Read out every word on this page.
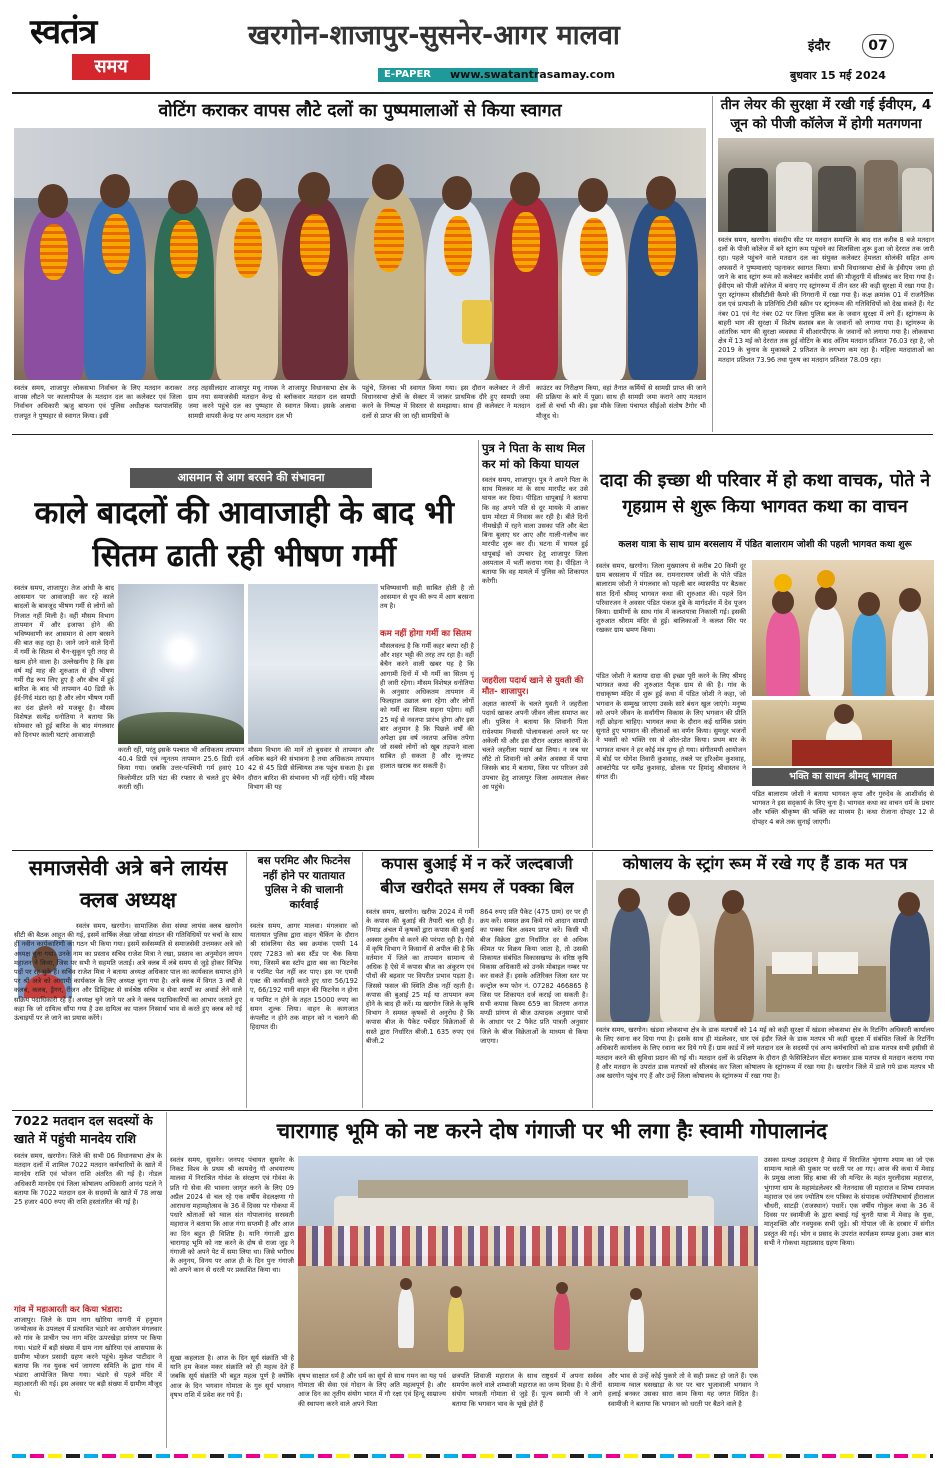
स्वतंत्र
समय
खरगोन-शाजापुर-सुसनेर-आगर मालवा
E-PAPER www.swatantrasamay.com
इंदौर	07
बुधवार 15 मई 2024
वोटिंग कराकर वापस लौटे दलों का पुष्पमालाओं से किया स्वागत
स्वतंत्र समय, शाजापुर लोकसभा निर्वाचन के लिए मतदान कराकर वापस लौटने पर कालापीपल के मतदान दल का कलेक्टर एवं जिला निर्वाचन अधिकारी ऋजु बाफना एवं पुलिस अधीक्षक यशपालसिंह राजपूत ने पुष्पहार से स्वागत किया। इसी
तरह तहसीलदार शाजापुर मधु नायक ने शाजापुर विधानसभा क्षेत्र के ग्राम नया समाजसेवी मतदान केन्द्र से ब्लॉकवार मतदान दल सामग्री जमा करने पहुंचे दल का पुष्पहार से स्वागत किया। इसके अलावा सामग्री वापसी केन्द्र पर अन्य मतदान दल भी
पहुंचे, जिनका भी स्वागत किया गया। इस दौरान कलेक्टर ने तीनों विधानसभा क्षेत्रों के सेक्टर में जाकर प्राथमिक दौरे हुए सामग्री जमा करने के निष्पक्ष में विस्तार से समझाया। साथ ही कलेक्टर ने मतदान दलों से प्राप्त की जा रही सामग्रियों के
काउंटर का निरीक्षण किया, वहां तैनात कर्मियों से सामग्री प्राप्त की जाने की प्रक्रिया के बारे में पूछा। साथ ही सामग्री जमा कराने आए मतदान दलों से चर्चा भी की। इस मौके जिला पंचायत सीईओ संतोष टैगोर भी मौजूद थे।
तीन लेयर की सुरक्षा में रखी गई ईवीएम, 4 जून को पीजी कॉलेज में होगी मतगणना
स्वतंत्र समय, खरगोन। संसदीय सीट पर मतदान समाप्ति के बाद रात करीब 8 बजे मतदान दलों के पीजी कॉलेज में बने स्ट्रांग रूम पहुंचने का सिलसिला शुरू हुआ जो देररात तक जारी रहा। पहले पहुंचने वाले मतदान दल का संयुक्त कलेक्टर हेमलता सोलंकी सहित अन्य अफसरों ने पुष्पमालाएं पहनाकर स्वागत किया। सभी विधानसभा क्षेत्रों के ईवीएम जमा हो जाने के बाद स्ट्रांग रूम को कलेक्टर कर्मवीर शर्मा की मौजूदगी में सीलबंद कर दिया गया है। ईवीएम को पीजी कॉलेज में बनाए गए स्ट्रांगरूम में तीन स्तर की कड़ी सुरक्षा में रखा गया है। पूरा स्ट्रांगरूम सीसीटीवी कैमरे की निगरानी में रखा गया है। कक्ष क्रमांक 01 में राजनैतिक दल एवं प्रत्याशी के प्रतिनिधि टीवी स्क्रीन पर स्ट्रांगरूम की गतिविधियों को देख सकते हैं। गेट नंबर 01 एवं गेट नंबर 02 पर जिला पुलिस बल के जवान सुरक्षा में लगे हैं। स्ट्रांगरूम के बाहरी भाग की सुरक्षा में विशेष सशस्त्र बल के जवानों को लगाया गया है। स्ट्रांगरूम के आंतरिक भाग की सुरक्षा व्यवस्था में सीआरपीएफ के जवानों को लगाया गया है। लोकसभा क्षेत्र में 13 मई को देररात तक हुई वोटिंग के बाद अंतिम मतदान प्रतिशत 76.03 रहा है, जो 2019 के चुनाव के मुकाबले 2 प्रतिशत के लगभग कम रहा है। महिला मतदाताओं का मतदान प्रतिशत 73.96 तथा पुरुष का मतदान प्रतिशत 78.09 रहा।
आसमान से आग बरसने की संभावना
काले बादलों की आवाजाही के बाद भी सितम ढाती रही भीषण गर्मी
स्वतंत्र समय, शाजापुर। तेज आंधी के बाद आसमान पर आवाजाही कर रहे काले बादलों के बावजूद भीषण गर्मी से लोगों को निजात नहीं मिली है। वहीं मौसम विभाग तापमान में और इजाफा होने की भविष्यवाणी कर आसमान से आग बरसने की बात कह रहा है। जाने जाने वाले दिनों में गर्मी के सितम से चैन-सुकून पूरी तरह से खत्म होने वाला है। उल्लेखनीय है कि इस वर्ष मई माह की शुरुआत से ही भीषण गर्मी रौद्र रूप लिए हुए है और बीच में हुई बारिश के बाद भी तापमान 40 डिग्री के ईर्द-गिर्द मंडरा रहा है और लोग भीषण गर्मी का दंश झेलने को मजबूर है। मौसम विशेषज्ञ सत्येंद्र धनोतिया ने बताया कि सोमवार को हुई बारिश के बाद मंगलवार को दिनभर काली घटाएं आवाजाही
करती रहीं, परंतु इसके पश्चात भी अधिकतम तापमान 40.4 डिग्री एवं न्यूनतम तापमान 25.6 डिग्री दर्ज किया गया। जबकि उत्तर-पश्चिमी गर्म हवाएं 10 किलोमीटर प्रति घंटा की रफ्तार से चलते हुए बेचैन करती रहीं।
मौसम विभाग की मानें तो बुधवार से तापमान और अधिक बढ़ने की संभावना है तथा अधिकतम तापमान 42 से 45 डिग्री सेल्सियस तक पहुंच सकता है। इस दौरान बारिश की संभावना भी नहीं रहेगी। यहि मौसम विभाग की यह
भविष्यवाणी सही साबित होती है तो आसमान से धूप की रूप में आग बरसना तय है।
कम नहीं होगा गर्मी का सितम
मौसलवल्ड है कि गर्मी कहर बरपा रही है और शहर भट्टी की तरह तप रहा है। वहीं बेचैन करने वाली खबर यह है कि आगामी दिनों में भी गर्मी का सितम यूं ही जारी रहेगा। मौसम विशेषज्ञ धनोतिया के अनुसार अधिकतम तापमान में फिलहाल उछाल बना रहेगा और लोगों को गर्मी का सितम सहना पड़ेगा। वहीं 25 मई से नवतपा प्रारंभ होगा और इस बार अनुमान है कि पिछले वर्षों की अपेक्षा इस वर्ष नवतपा अधिक तपेगा जो सबसे लोगों को खूब तड़पाने वाला साबित हो सकता है और लू-लपट हालात खराब कर सकती है।
पुत्र ने पिता के साथ मिल कर मां को किया घायल
स्वतंत्र समय, शाजापुर। पुत्र ने अपने पिता के साथ मिलकर मां के साथ मारपीट कर उसे घायल कर दिया। पीड़िता धापूबाई ने बताया कि वह अपने पति से दूर मायके में आकर ग्राम मोरटा में निवास कर रही है। बीते दिनों नीमखेड़ी में रहने वाला उसका पति और बेटा बिना बुलाए घर आए और गाली-गलौच कर मारपीट शुरू कर दी। घटना में घायल हुई धापूबाई को उपचार हेतु शाजापुर जिला अस्पताल में भर्ती कराया गया है। पीड़िता ने बताया कि वह मामले में पुलिस को शिकायत करेगी।
जहरीला पदार्थ खाने से युवती की मौत- शाजापुर।
अज्ञात कारणों के चलते युवती ने जहरीला पदार्थ खाकर अपनी जीवन लीला समाप्त कर ली। पुलिस ने बताया कि शिवानी पिता राधेश्याम निवासी पोलायकलां अपने घर पर अकेली थी और इस दौरान अज्ञात कारणों के चलते जहरीला पदार्थ खा लिया। न जब घर लौटे तो शिवानी को अचेत अवस्था में पाया जिसके बाद में बताया, जिस पर परिजन उसे उपचार हेतु शाजापुर जिला अस्पताल लेकर आ पहुंचे।
दादा की इच्छा थी परिवार में हो कथा वाचक, पोते ने गृहग्राम से शुरू किया भागवत कथा का वाचन
कलश यात्रा के साथ ग्राम बरसलाय में पंडित बालाराम जोशी की पहली भागवत कथा शुरू
स्वतंत्र समय, खरगोन। जिला मुख्यालय से करीब 20 किमी दूर ग्राम बरसलाय में पंडित स्व. रामनारायण जोशी के पोते पंडित बालाराम जोशी ने मंगलवार को पहली बार व्यासपीठ पर बैठकर सात दिनों श्रीमद् भागवत कथा की शुरुआत की। पहले दिन परिवारजन ने अवसर पंडित पंकज दुबे के मार्गदर्शन में देव पूजन किया। ग्रामीणों के साथ गांव में कलशयात्रा निकाली गई। इसकी शुरुआत श्रीराम मंदिर से हुई। बालिकाओं ने कलश सिर पर रखकर ग्राम भ्रमण किया।
पंडित जोशी ने बताया दादा की इच्छा पूरी करने के लिए श्रीमद् भागवत कथा की शुरुआत पैतृक ग्राम से की है। गांव के राधाकृष्ण मंदिर में शुरू हुई कथा में पंडित जोशी ने कहा, जो भगवान के सम्मुख जाएगा उसके सारे बंधन खुल जाएंगे। मनुष्य को अपने जीवन के सर्वांगीण विकास के लिए भगवान की प्रीति नहीं छोड़ना चाहिए। भागवत कथा के दौरान कई धार्मिक प्रसंग सुनाते हुए भगवान की लीलाओं का वर्णन किया। सुमधुर भजनों ने भक्तों को भक्ति रस से ओत-प्रोत किया। प्रथम बार के भागवत वाचन ने हर कोई मंत्र मुग्ध हो गया। संगीतमयी आयोजन में बोर्ड पर योगेश तिवारी कुशवाह, तबले पर हरिओम कुशवाह, आक्टोपैड पर धर्मेंद्र कुशवाह, ढोलक पर हिमांशु श्रीवास्तव ने संगत दी।	भक्ति का साधन श्रीमद् भागवत
पंडित बालाराम जोशी ने बताया भागवत कृपा और गुरुदेव के आशीर्वाद से भागवत ने इस सद्कार्य के लिए चुना है। भागवत कथा का वाचन धर्म के प्रचार और भक्ति श्रीकृष्ण की भक्ति का माध्यम है। कथा रोजाना दोपहर 12 से दोपहर 4 बजे तक सुनाई जाएगी।
समाजसेवी अत्रे बने लायंस क्लब अध्यक्ष
स्वतंत्र समय, खरगोन। सामाजिक सेवा संस्था लायंस क्लब खरगोन सीटी की बैठक आहूत की गई, इसमें वार्षिक लेखा जोखा संगठन की गतिविधियों पर चर्चा के साथ ही नवीन कार्यकारिणी का गठन भी किया गया। इसमें सर्वसम्मति से समाजसेवी उत्तमकर अत्रे को अध्यक्ष चुना गया। उनके नाम का प्रस्ताव सचिव राजेश मित्रा ने रखा, प्रस्ताव का अनुमोदन लायन महाजन ने किया, जिस पर सभी ने सहमति जताई। अत्रे क्लब में लंबे समय से जुड़े होकर विभिन्न पदों पर रह चुके हैं। सचिव राजेश मित्रा ने बताया अध्यक्ष अधिकार पाल का कार्यकाल समाप्त होने पर श्री अत्रे को आगामी कार्यकाल के लिए अध्यक्ष चुना गया है। अत्रे क्लब में विगत 3 वर्षों से कलब, कलब, ड्रैगन, रीजन और डिस्ट्रिक्ट से सर्वश्रेष्ठ सचिव व सेवा कार्यों का अवार्ड लेने वाले सक्रिय पदाधिकारी रहे हैं। अध्यक्ष चुने जाने पर अत्रे ने क्लब पदाधिकारियों का आभार जताते हुए कहा कि जो दायित्व सौंपा गया है उस दायित्व का पालन निस्वार्थ भाव से करते हुए क्लब को नई ऊंचाइयों पर ले जाने का प्रयास करेंगे।
बस परमिट और फिटनेस नहीं होने पर यातायात पुलिस ने की चालानी कार्रवाई
स्वतंत्र समय, आगर मालवा। मंगलवार को यातायात पुलिस द्वारा वाहन चैकिंग के दौरान श्री सांवलिया सेठ बस क्रमांक एमपी 14 एसए 7283 को बस स्टैंड पर चैक किया गया, जिसमें बस स्टॉप द्वारा बस का फिटनेस व परमिट पेश नहीं कर पाए। इस पर एमवी एक्ट की कार्यवाही करते हुए धारा 56/192 ए, 66/192 यानी वाहन की फिटनेस न होना व परमिट न होने के तहत 15000 रुपए का समन शुल्क लिया। वाहन के कागजात कंपलीट न होने तक वाहन को न चलाने की हिदायत दी।
कपास बुआई में न करें जल्दबाजी बीज खरीदते समय लें पक्का बिल
स्वतंत्र समय, खरगोन। खरीफ 2024 में गर्मी के कपास की बुआई की तैयारी चल रही है। निमाड़ अंचल में कृषकों द्वारा कपास की बुआई अक्सर तुलीय से करने की परंपरा रही है। ऐसे में कृषि विभाग ने किसानों से अपील की है कि वर्तमान में जिले का तापमान सामान्य से अधिक है ऐसे में कपास बीज का अंकुरण एवं पौधों की बढ़वार पर विपरीत प्रभाव पड़ता है। जिससे फसल की स्थिति ठीक नहीं रहती है। कपास की बुआई 25 मई या तापमान कम होने के बाद ही करें। म्प्र खरगोन जिले के कृषि विभाग ने समस्त कृषकों से अनुरोध है कि कपास बीज के पैकेट पर्चेदार विक्रेताओं से सस्ते द्वारा निर्धारित बीजी.1 635 रुपए एवं बीजी.2
864 रुपए प्रति पैकेट (475 ग्राम) दर पर ही क्रय करें। समस्त क्रय किये गये आदान सामग्री का पक्का बिल अवश्य प्राप्त करें। किसी भी बीज विक्रेता द्वारा निर्धारित दर से अधिक कीमत पर विक्रय किया जाता है, तो उसकी शिकायत संबंधित विकासखण्ड के वरिष्ठ कृषि विकास अधिकारी को उनके मोबाइल नम्बर पर कर सकते हैं। इसके अतिरिक्त जिला स्तर पर कन्ट्रोल रूम फोन नं. 07282 466865 है जिस पर शिकायत दर्ज कराई जा सकती है। सभी कपास किस्म 659 का वितरण अनाज मण्डी प्रांगण से बीज उत्पादक अनुसार पात्रों के आधार पर 2 पैकेट प्रति पात्रती अनुसार जिले के बीज विक्रेताओं के माध्यम से किया जाएगा।
कोषालय के स्ट्रांग रूम में रखे गए हैं डाक मत पत्र
स्वतंत्र समय, खरगोन। खंडवा लोकसभा क्षेत्र के डाक मतपत्रों को 14 मई को कड़ी सुरक्षा में खंडवा लोकसभा क्षेत्र के रिटर्निंग अधिकारी कार्यालय के लिए रवाना कर दिया गया है। इसके साथ ही मंडलेश्वर, धार एवं इंदौर जिले के डाक मतपत्र भी कड़ी सुरक्षा में संबंधित जिलों के रिटर्निंग अधिकारी कार्यालय के लिए रवाना कर दिये गये हैं। ग्राम कार्ड में लगे मतदान दल के सदस्यों एवं अन्य कर्मचारियों को डाक मतपत्र सभी इसीसी से मतदान करने की सुविधा प्रदान की गई थी। मतदान दलों के प्रशिक्षण के दौरान ही फेसिलिटेशन सेंटर बनाकर डाक मतपत्र से मतदान कराया गया है और मतदान के उपरांत डाक मतपत्रों को सीलबंद कर जिला कोषालय के स्ट्रांगरूम में रखा गया है। खरगोन जिले में डाले गये डाक मतपत्र भी अब खरगोन पहुंच गए हैं और उन्हें जिला कोषालय के स्ट्रांगरूम में रखा गया है।
7022 मतदान दल सदस्यों के खाते में पहुंची मानदेय राशि
स्वतंत्र समय, खरगोन। जिले की सभी 06 विधानसभा क्षेत्र के मतदान दलों में शामिल 7022 मतदान कर्मचारियों के खाते में मानदेय राशि एवं भोजन राशि अंतरित की गई है। नोडल अधिकारी मानदेय एवं जिला कोषालय अधिकारी आनंद पटले ने बताया कि 7022 मतदान दल के सदस्यों के खाते में 78 लाख 25 हजार 400 रुपए की राशि हस्तांतरित की गई है।
गांव में महाआरती कर किया भंडारा:
शाजापुर। जिले के ग्राम नाग खोरिया नागनी में हनुमान जन्मोत्सव के उपलक्ष्य में प्रत्यावित भंडारे का आयोजन मंगलवार को गांव के प्राचीन पथ नाग मंदिर ऊपरखेड़ा प्रांगण पर किया गया। भंडारे में बड़ी संख्या में ग्राम नाग खोरिया एवं आसपास के ग्रामीण भोजन प्रसादी ग्रहण करने पहुंचे। मुकेश पाटीदार ने बताया कि नव युवक चर्म जागरण समिति के द्वारा गांव में भंडारा आयोजित किया गया। भंडारे से पहले मंदिर में महाआरती की गई। इस अवसर पर बड़ी संख्या में ग्रामीण मौजूद थे।
चारागाह भूमि को नष्ट करने दोष गंगाजी पर भी लगा हैः स्वामी गोपालानंद
स्वतंत्र समय, सुसनेर। जनपद पंचायत सुसनेर के निकट विश्व के प्रथम श्री कामधेनु गौ अभयारण्य मालवा में निराश्रित गोवंश के संरक्षण एवं गोवंश के प्रति गो सेवा की भावना जागृत करने के लिए 09 अप्रैल 2024 से चल रहे एक वर्षीय वेदलक्षणा गो आराधना महामहोत्सव के 36 वें दिवस पर गोकथा में पधारे श्रोताओं को ग्वाल संत गोपालानंद सरस्वती महाराज ने बताया कि आज गंगा सप्तमी है और आज का दिन बहुत ही विशिष्ट है। यानि गंगाजी द्वारा चारागाह भूमि को नष्ट करने के दोष से राजा जुड़ ने गंगाजी को अपने पेट में समा लिया था। जिसे भगीरथ के अनुनय, विनय पर आज ही के दिन पुनः गंगाजी को अपने कान से धरती पर प्रकाशित किया था।
सूखा कहलाता है। आज के दिन सूर्य संक्रांति भी है यानि हम केवल मकर संक्रांति को ही महत्व देते हैं जबकि सूर्य संक्रांति भी बहुत महत्व पूर्ण है क्योंकि आज के दिन भगवान गोमाता के गुरु सूर्य भगवान वृषभ राशि में प्रवेश कर गये हैं।
वृषभ साक्षात धर्म है और धर्म का सूर्य से साथ गमन का यह पर्व गोमाता की सेवा एवं गोदान के लिए अति महत्वपूर्ण है। और आज दिन का तृतीय संयोग भारत में गौ रक्षा एवं हिन्दू साम्राज्य की स्थापना करने वाले अपने पिता
छत्रपति शिवाजी महाराज के साथ राष्ट्रधर्म में अपना सर्वस्व समर्पण करने वाले शम्भाजी महाराज का जन्म दिवस है। ये तीनों संयोग भगवती गोमाता से जुड़े हैं। पूज्य स्वामी जी ने आगे बताया कि भगवान भाव के भूखे होते हैं
और भाव से उन्हें कोई पुकारे तो वे सही प्रकट हो जाते हैं। एक सामान्य ग्वाल घसखाड़ा के घर पर चार भुजावाली भगवान ने हलाई बनकर उसका सारा काम किया यह जगत विदित है। स्वामीजी ने बताया कि भगवान को धरती पर बैठने वाले है
उसका प्रत्यक्ष उदाहरण है मेवाड़ में विराजित भुंगाणा श्याम का जो एक सामान्य ग्वाले की पुकार पर धरती पर आ गए। आज की कथा में मेवाड़ के प्रमुख लाला सिंह बाबा की जी मन्दिर के महंत मुरलीदास महाराज, भुंगाणा धाम के महामंडलेश्वर श्री नेतनदास जी महाराज व शिष्य रामपाल महाराज एवं जय ज्योतिष रत्न पत्रिका के संपादक ज्योतिषाचार्य हीरालाल चौधरी, साटड़ी (राजस्थान) पधारें। एक वर्षीय गोकुल कथा के 36 वें दिवस पर स्वामीजी के द्वारा बचाई गई चुनरी यात्रा में मेवाड़ के युवा, मातृशक्ति और नवयुवक सभी जुड़े। श्री गोपाल जी के दरबार में संगीत प्रस्तुत की गई। भोग व प्रसाद के उपरांत कार्यक्रम सम्पन्न हुआ। उक्त बात सभी ने गोकथा महाप्रसाद ग्रहण किया।
